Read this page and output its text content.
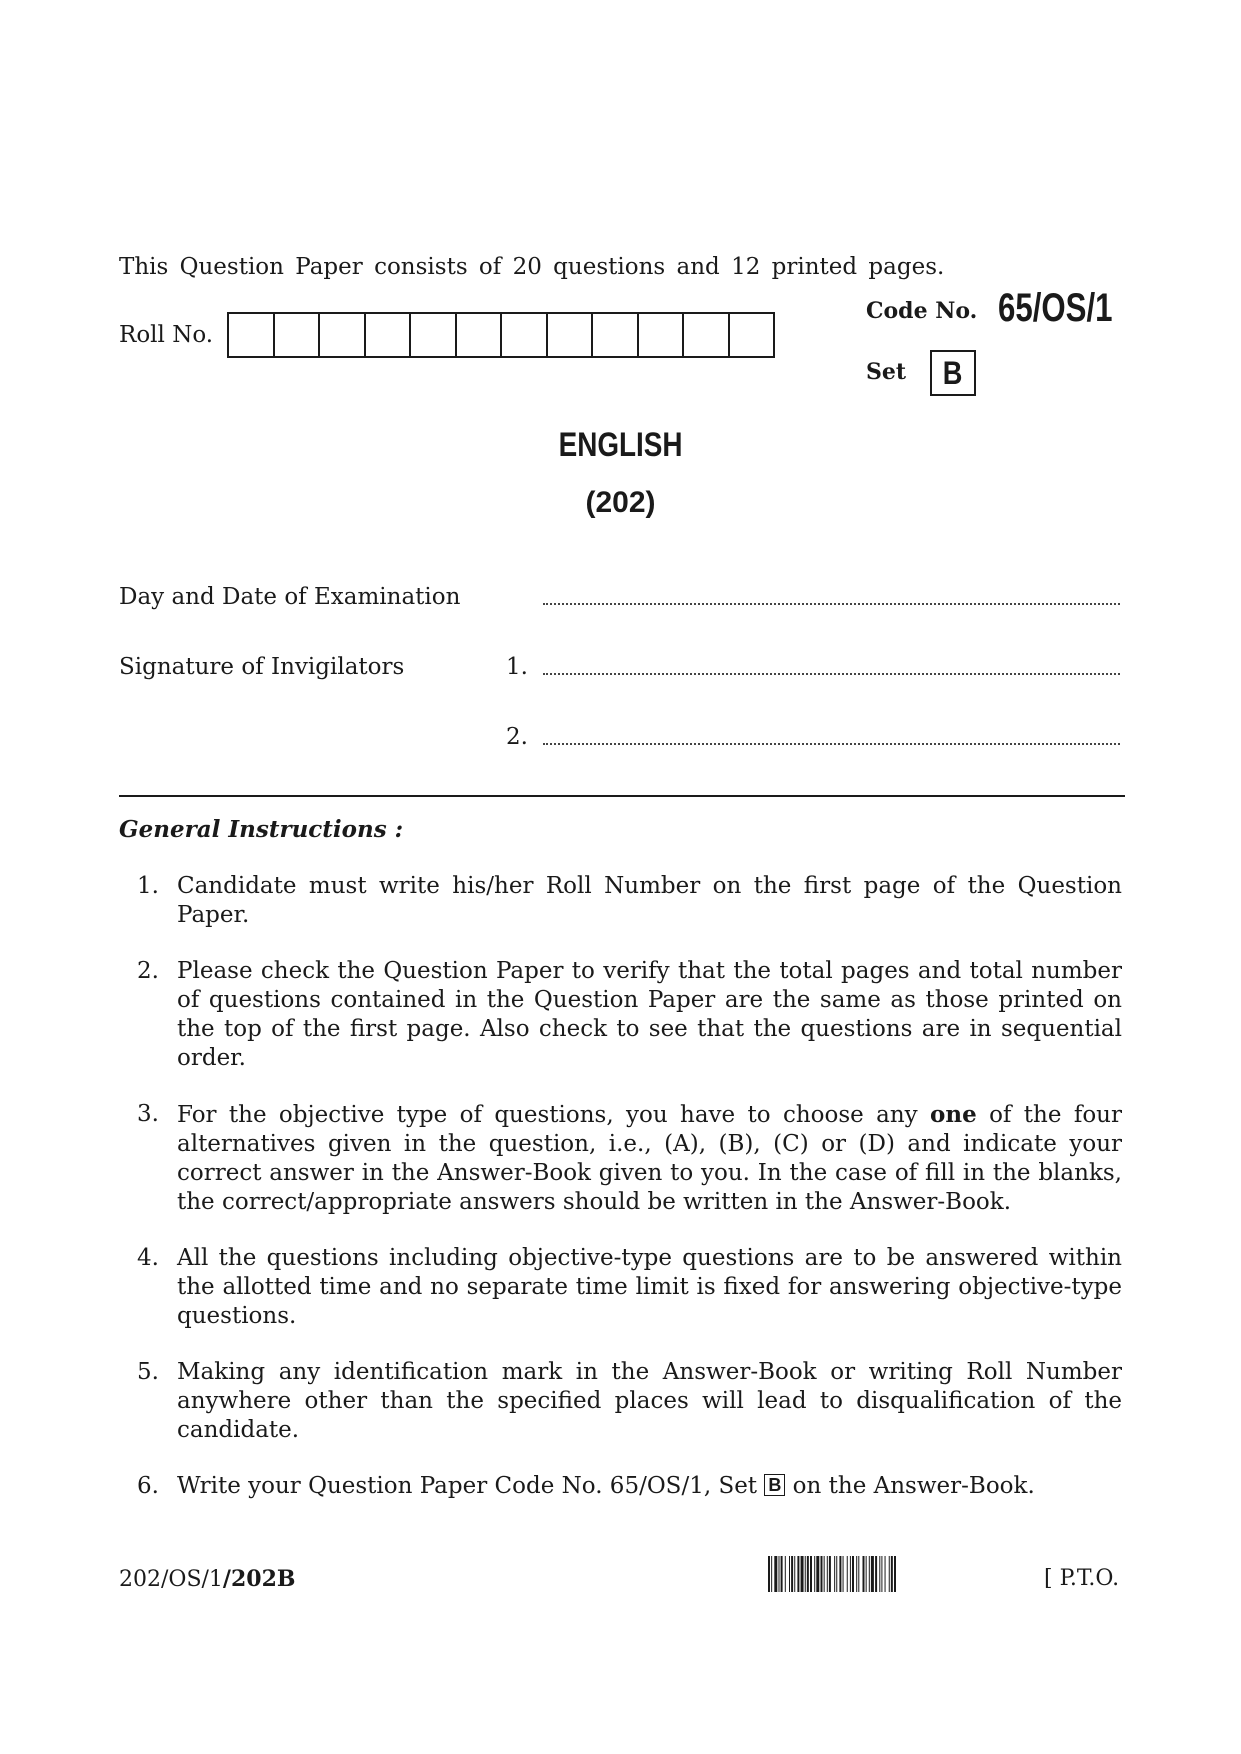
This Question Paper consists of 20 questions and 12 printed pages.
Roll No.
Code No. 65/OS/1
Set B
ENGLISH
(202)
Day and Date of Examination
Signature of Invigilators	1.
2.
General Instructions :
1. Candidate must write his/her Roll Number on the first page of the Question Paper.
2. Please check the Question Paper to verify that the total pages and total number of questions contained in the Question Paper are the same as those printed on the top of the first page. Also check to see that the questions are in sequential order.
3. For the objective type of questions, you have to choose any one of the four alternatives given in the question, i.e., (A), (B), (C) or (D) and indicate your correct answer in the Answer-Book given to you. In the case of fill in the blanks, the correct/appropriate answers should be written in the Answer-Book.
4. All the questions including objective-type questions are to be answered within the allotted time and no separate time limit is fixed for answering objective-type questions.
5. Making any identification mark in the Answer-Book or writing Roll Number anywhere other than the specified places will lead to disqualification of the candidate.
6. Write your Question Paper Code No. 65/OS/1, Set B on the Answer-Book.
202/OS/1/202B	[ P.T.O.
